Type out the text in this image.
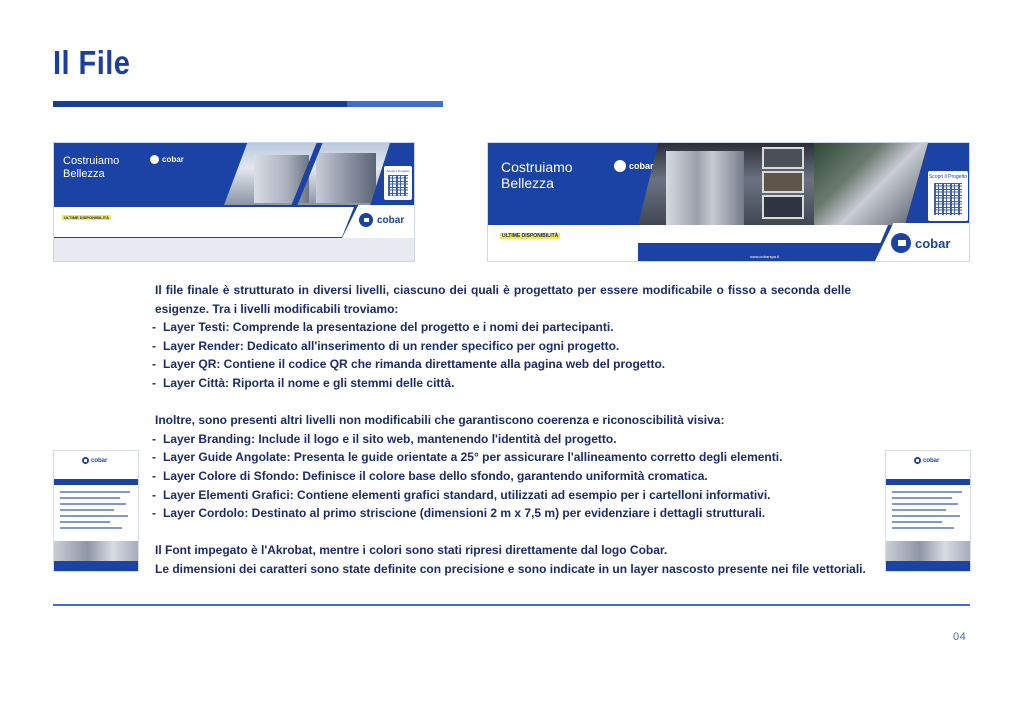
Il File
Costruiamo
Bellezza
cobar
Scopri il Progetto
ULTIME DISPONIBILITÀ	cobar
Costruiamo
Bellezza
cobar
Scopri il Progetto
ULTIME DISPONIBILITÀ
www.cobarspa.it
cobar
cobar	cobar

Il file finale è strutturato in diversi livelli, ciascuno dei quali è progettato per essere modificabile o fisso a seconda delle esigenze. Tra i livelli modificabili troviamo:

- Layer Testi: Comprende la presentazione del progetto e i nomi dei partecipanti.
- Layer Render: Dedicato all'inserimento di un render specifico per ogni progetto.
- Layer QR: Contiene il codice QR che rimanda direttamente alla pagina web del progetto.
- Layer Città: Riporta il nome e gli stemmi delle città.

Inoltre, sono presenti altri livelli non modificabili che garantiscono coerenza e riconoscibilità visiva:

- Layer Branding: Include il logo e il sito web, mantenendo l'identità del progetto.
- Layer Guide Angolate: Presenta le guide orientate a 25° per assicurare l'allineamento corretto degli elementi.
- Layer Colore di Sfondo: Definisce il colore base dello sfondo, garantendo uniformità cromatica.
- Layer Elementi Grafici: Contiene elementi grafici standard, utilizzati ad esempio per i cartelloni informativi.
- Layer Cordolo: Destinato al primo striscione (dimensioni 2 m x 7,5 m) per evidenziare i dettagli strutturali.

Il Font impegato è l'Akrobat, mentre i colori sono stati ripresi direttamente dal logo Cobar.

Le dimensioni dei caratteri sono state definite con precisione e sono indicate in un layer nascosto presente nei file vettoriali.

04
